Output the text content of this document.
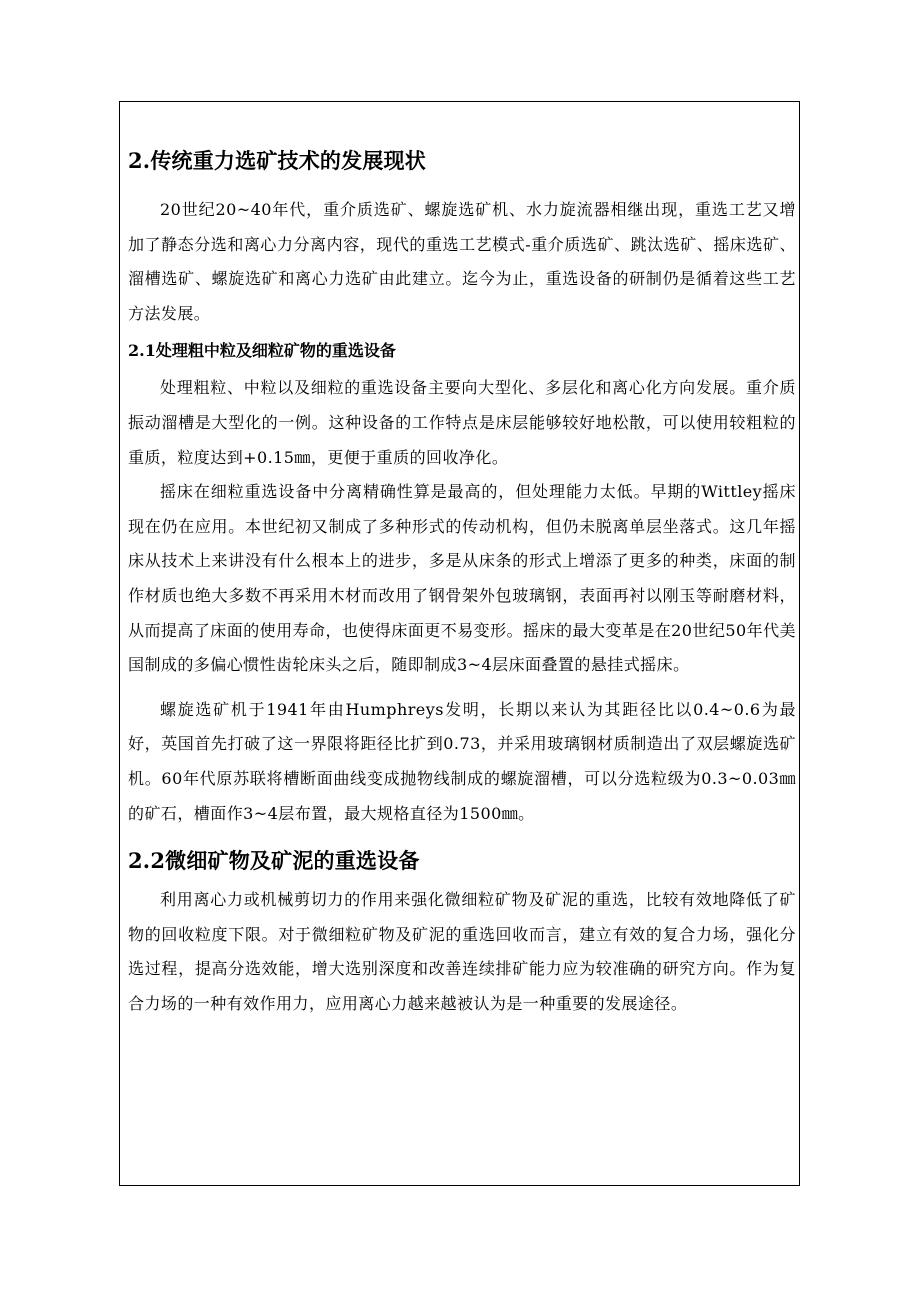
2.传统重力选矿技术的发展现状

20世纪20~40年代，重介质选矿、螺旋选矿机、水力旋流器相继出现，重选工艺又增加了静态分选和离心力分离内容，现代的重选工艺模式-重介质选矿、跳汰选矿、摇床选矿、溜槽选矿、螺旋选矿和离心力选矿由此建立。迄今为止，重选设备的研制仍是循着这些工艺方法发展。

2.1处理粗中粒及细粒矿物的重选设备

处理粗粒、中粒以及细粒的重选设备主要向大型化、多层化和离心化方向发展。重介质振动溜槽是大型化的一例。这种设备的工作特点是床层能够较好地松散，可以使用较粗粒的重质，粒度达到+0.15㎜，更便于重质的回收净化。

摇床在细粒重选设备中分离精确性算是最高的，但处理能力太低。早期的Wittley摇床现在仍在应用。本世纪初又制成了多种形式的传动机构，但仍未脱离单层坐落式。这几年摇床从技术上来讲没有什么根本上的进步，多是从床条的形式上增添了更多的种类，床面的制作材质也绝大多数不再采用木材而改用了钢骨架外包玻璃钢，表面再衬以刚玉等耐磨材料，从而提高了床面的使用寿命，也使得床面更不易变形。摇床的最大变革是在20世纪50年代美国制成的多偏心惯性齿轮床头之后，随即制成3~4层床面叠置的悬挂式摇床。

螺旋选矿机于1941年由Humphreys发明，长期以来认为其距径比以0.4~0.6为最好，英国首先打破了这一界限将距径比扩到0.73，并采用玻璃钢材质制造出了双层螺旋选矿机。60年代原苏联将槽断面曲线变成抛物线制成的螺旋溜槽，可以分选粒级为0.3~0.03㎜的矿石，槽面作3~4层布置，最大规格直径为1500㎜。

2.2微细矿物及矿泥的重选设备

利用离心力或机械剪切力的作用来强化微细粒矿物及矿泥的重选，比较有效地降低了矿物的回收粒度下限。对于微细粒矿物及矿泥的重选回收而言，建立有效的复合力场，强化分选过程，提高分选效能，增大选别深度和改善连续排矿能力应为较准确的研究方向。作为复合力场的一种有效作用力，应用离心力越来越被认为是一种重要的发展途径。
